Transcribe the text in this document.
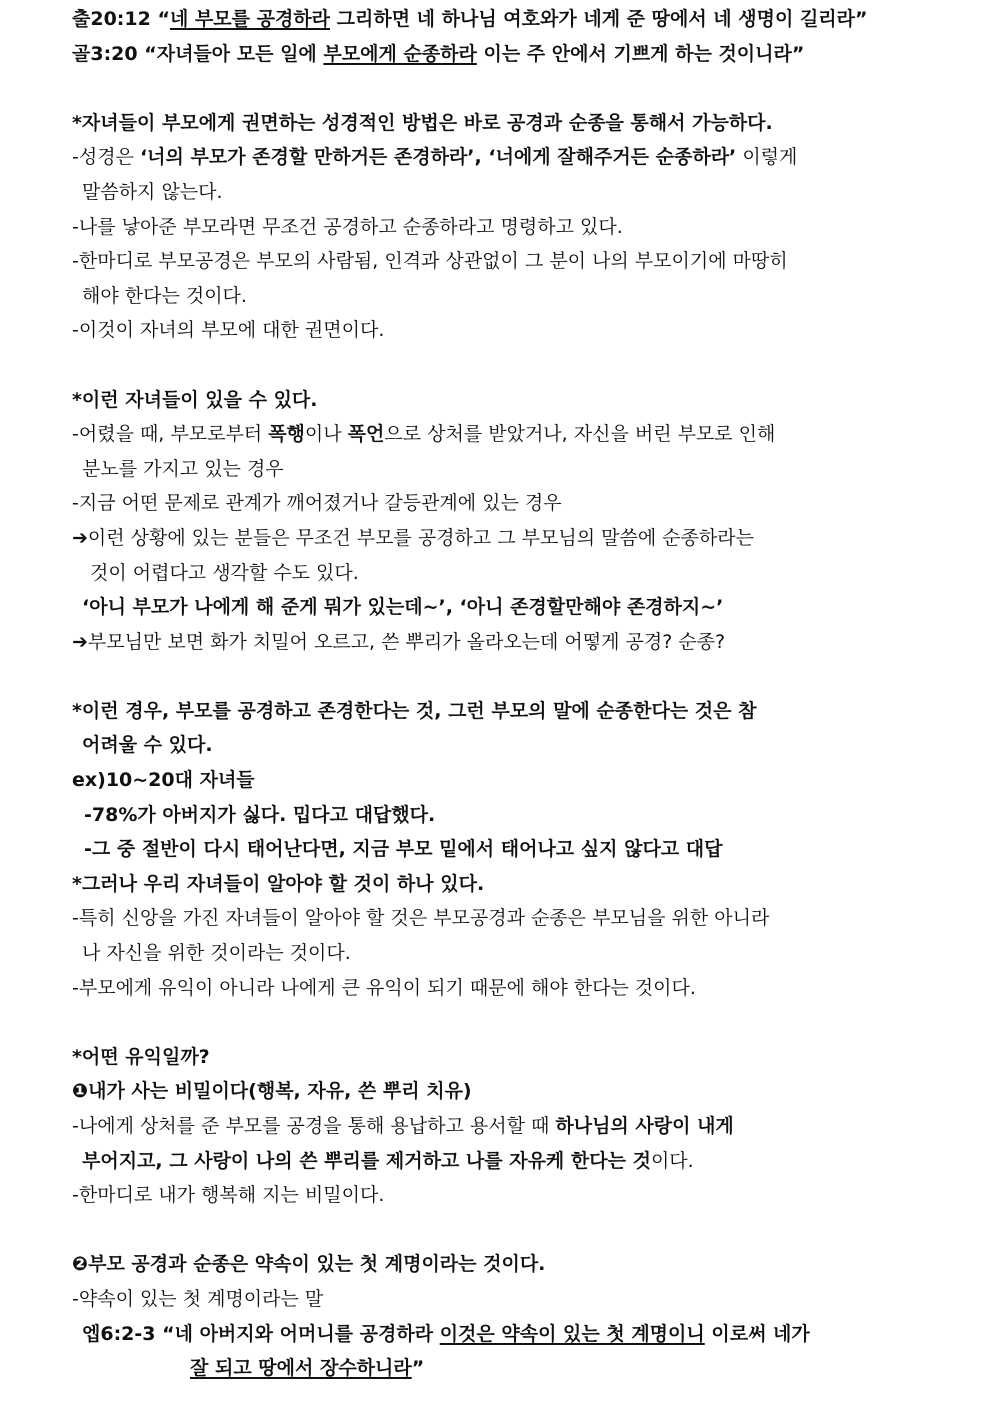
출20:12 “네 부모를 공경하라 그리하면 네 하나님 여호와가 네게 준 땅에서 네 생명이 길리라”
골3:20 “자녀들아 모든 일에 부모에게 순종하라 이는 주 안에서 기쁘게 하는 것이니라”
*자녀들이 부모에게 권면하는 성경적인 방법은 바로 공경과 순종을 통해서 가능하다.
-성경은 ‘너의 부모가 존경할 만하거든 존경하라’, ‘너에게 잘해주거든 순종하라’ 이렇게
말씀하지 않는다.
-나를 낳아준 부모라면 무조건 공경하고 순종하라고 명령하고 있다.
-한마디로 부모공경은 부모의 사람됨, 인격과 상관없이 그 분이 나의 부모이기에 마땅히
해야 한다는 것이다.
-이것이 자녀의 부모에 대한 권면이다.
*이런 자녀들이 있을 수 있다.
-어렸을 때, 부모로부터 폭행이나 폭언으로 상처를 받았거나, 자신을 버린 부모로 인해
분노를 가지고 있는 경우
-지금 어떤 문제로 관계가 깨어졌거나 갈등관계에 있는 경우
➔이런 상황에 있는 분들은 무조건 부모를 공경하고 그 부모님의 말씀에 순종하라는
것이 어렵다고 생각할 수도 있다.
‘아니 부모가 나에게 해 준게 뭐가 있는데~’, ‘아니 존경할만해야 존경하지~’
➔부모님만 보면 화가 치밀어 오르고, 쓴 뿌리가 올라오는데 어떻게 공경? 순종?
*이런 경우, 부모를 공경하고 존경한다는 것, 그런 부모의 말에 순종한다는 것은 참
어려울 수 있다.
ex)10~20대 자녀들
-78%가 아버지가 싫다. 밉다고 대답했다.
-그 중 절반이 다시 태어난다면, 지금 부모 밑에서 태어나고 싶지 않다고 대답
*그러나 우리 자녀들이 알아야 할 것이 하나 있다.
-특히 신앙을 가진 자녀들이 알아야 할 것은 부모공경과 순종은 부모님을 위한 아니라
나 자신을 위한 것이라는 것이다.
-부모에게 유익이 아니라 나에게 큰 유익이 되기 때문에 해야 한다는 것이다.
*어떤 유익일까?
❶내가 사는 비밀이다(행복, 자유, 쓴 뿌리 치유)
-나에게 상처를 준 부모를 공경을 통해 용납하고 용서할 때 하나님의 사랑이 내게
부어지고, 그 사랑이 나의 쓴 뿌리를 제거하고 나를 자유케 한다는 것이다.
-한마디로 내가 행복해 지는 비밀이다.
❷부모 공경과 순종은 약속이 있는 첫 계명이라는 것이다.
-약속이 있는 첫 계명이라는 말
엡6:2-3 “네 아버지와 어머니를 공경하라 이것은 약속이 있는 첫 계명이니 이로써 네가
잘 되고 땅에서 장수하니라”
